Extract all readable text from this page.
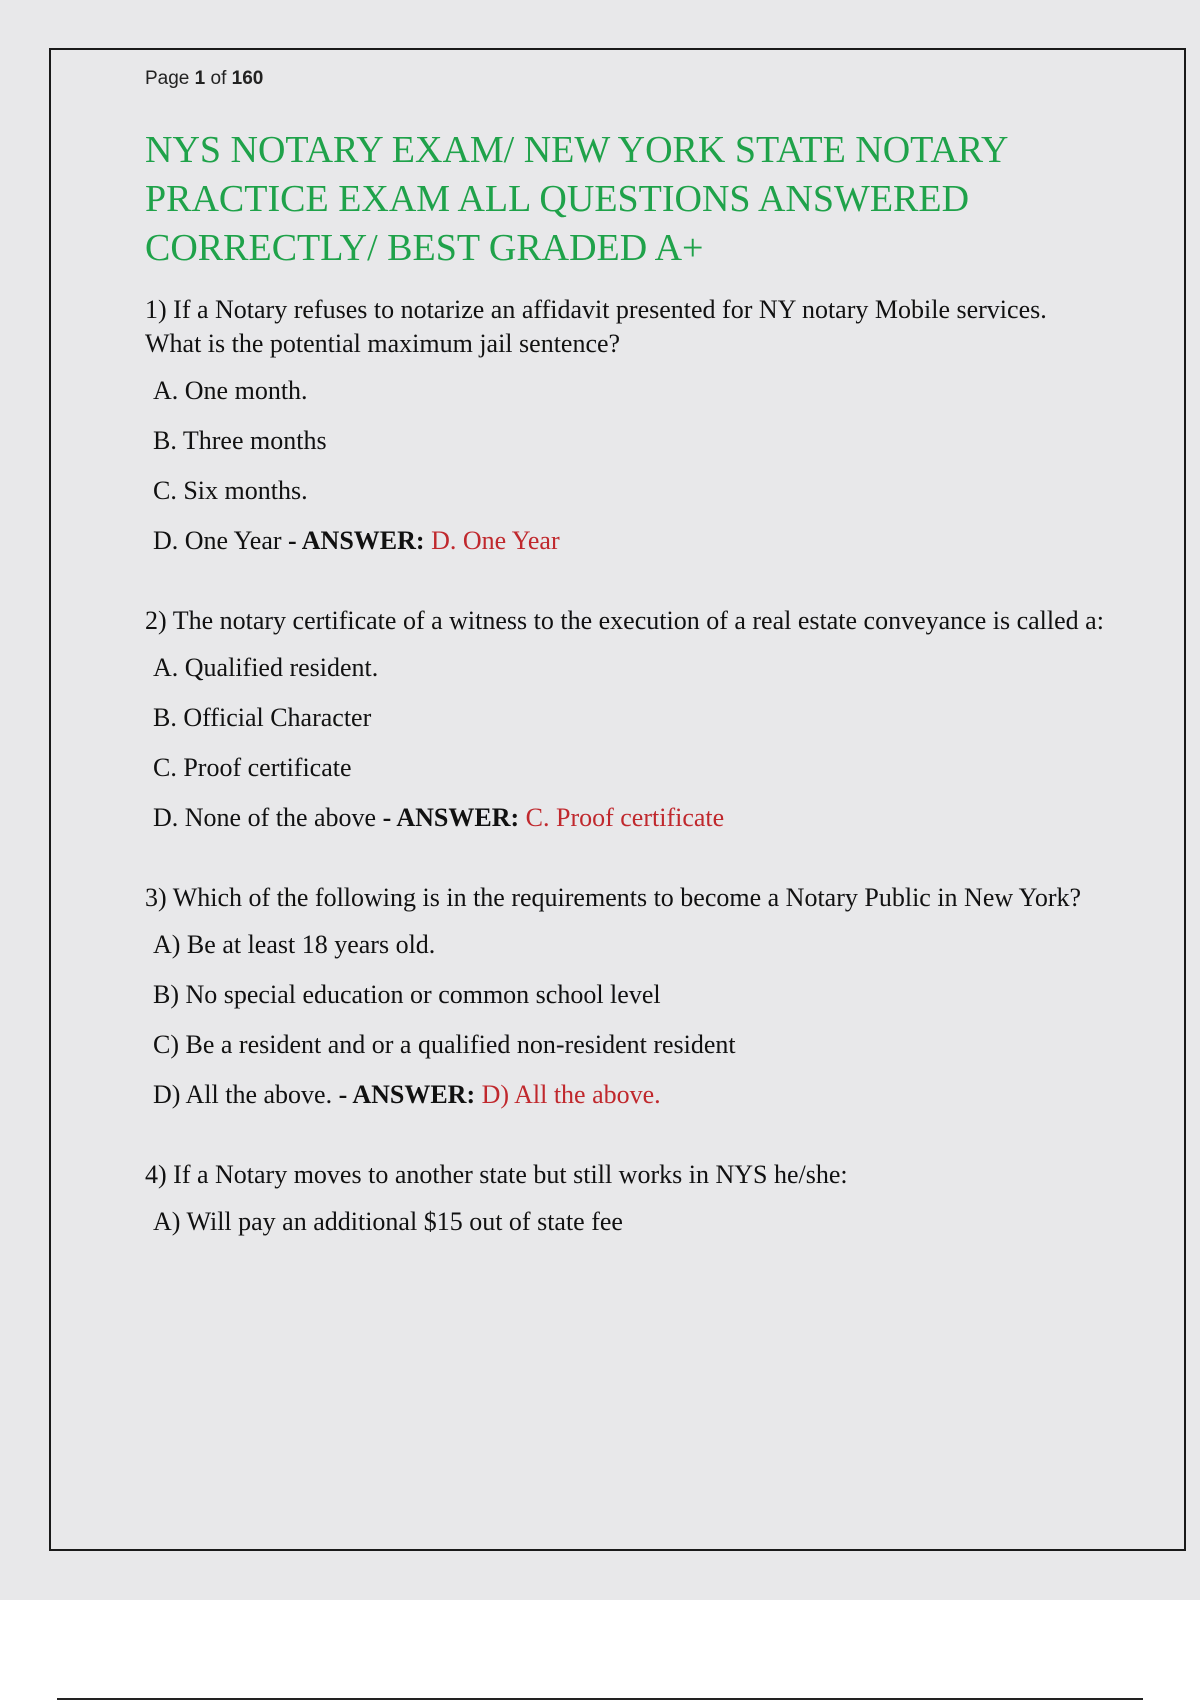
Page 1 of 160
NYS NOTARY EXAM/ NEW YORK STATE NOTARY PRACTICE EXAM ALL QUESTIONS ANSWERED CORRECTLY/ BEST GRADED A+
1) If a Notary refuses to notarize an affidavit presented for NY notary Mobile services. What is the potential maximum jail sentence?
A. One month.
B. Three months
C. Six months.
D. One Year - ANSWER: D. One Year
2) The notary certificate of a witness to the execution of a real estate conveyance is called a:
A. Qualified resident.
B. Official Character
C. Proof certificate
D. None of the above - ANSWER: C. Proof certificate
3) Which of the following is in the requirements to become a Notary Public in New York?
A) Be at least 18 years old.
B) No special education or common school level
C) Be a resident and or a qualified non-resident resident
D) All the above. - ANSWER: D) All the above.
4) If a Notary moves to another state but still works in NYS he/she:
A) Will pay an additional $15 out of state fee
